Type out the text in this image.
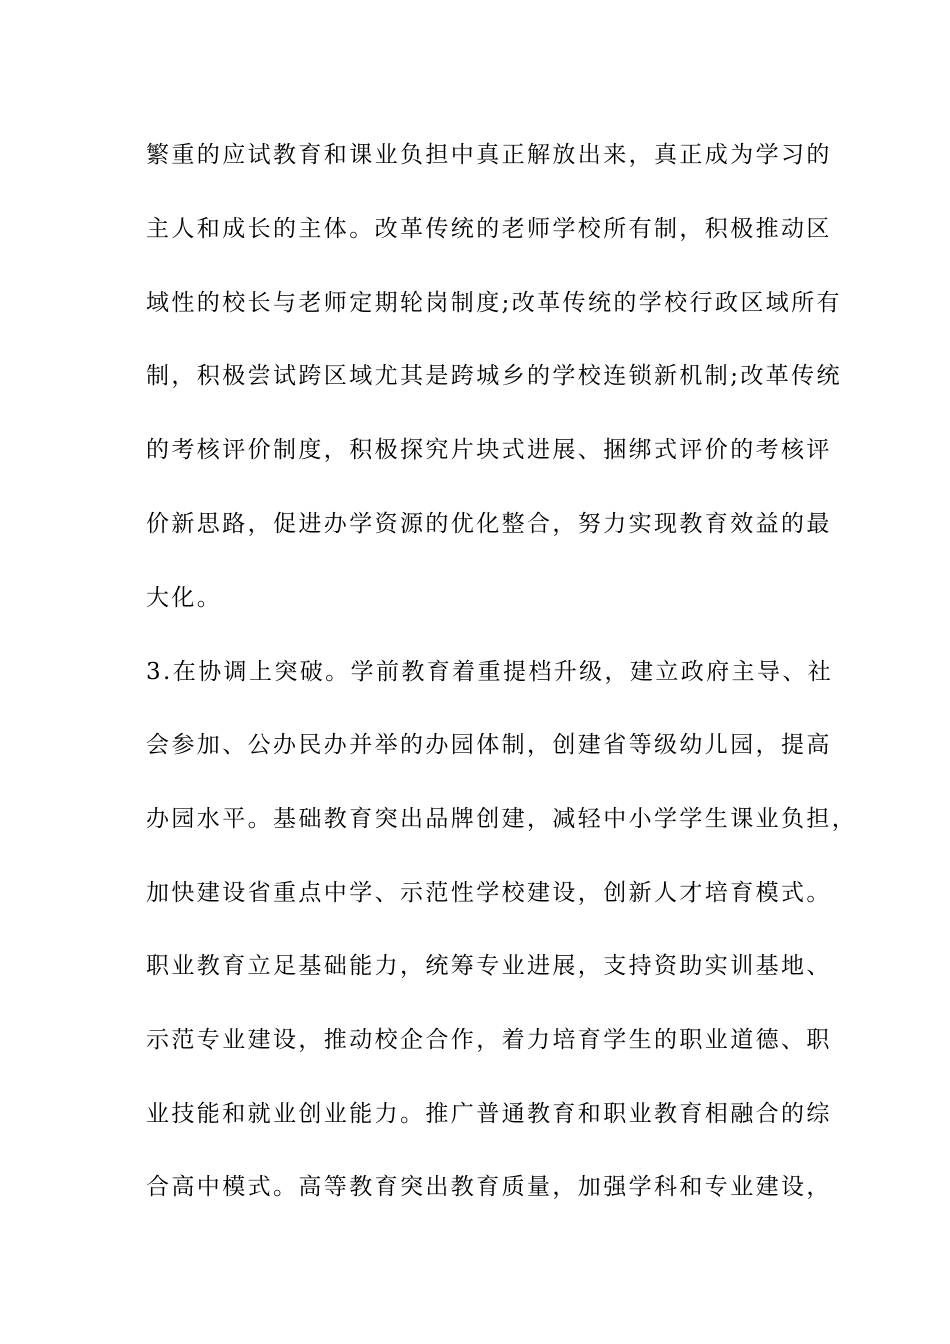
繁重的应试教育和课业负担中真正解放出来，真正成为学习的
主人和成长的主体。改革传统的老师学校所有制，积极推动区
域性的校长与老师定期轮岗制度;改革传统的学校行政区域所有
制，积极尝试跨区域尤其是跨城乡的学校连锁新机制;改革传统
的考核评价制度，积极探究片块式进展、捆绑式评价的考核评
价新思路，促进办学资源的优化整合，努力实现教育效益的最
大化。
3.在协调上突破。学前教育着重提档升级，建立政府主导、社
会参加、公办民办并举的办园体制，创建省等级幼儿园，提高
办园水平。基础教育突出品牌创建，减轻中小学学生课业负担，
加快建设省重点中学、示范性学校建设，创新人才培育模式。
职业教育立足基础能力，统筹专业进展，支持资助实训基地、
示范专业建设，推动校企合作，着力培育学生的职业道德、职
业技能和就业创业能力。推广普通教育和职业教育相融合的综
合高中模式。高等教育突出教育质量，加强学科和专业建设，
